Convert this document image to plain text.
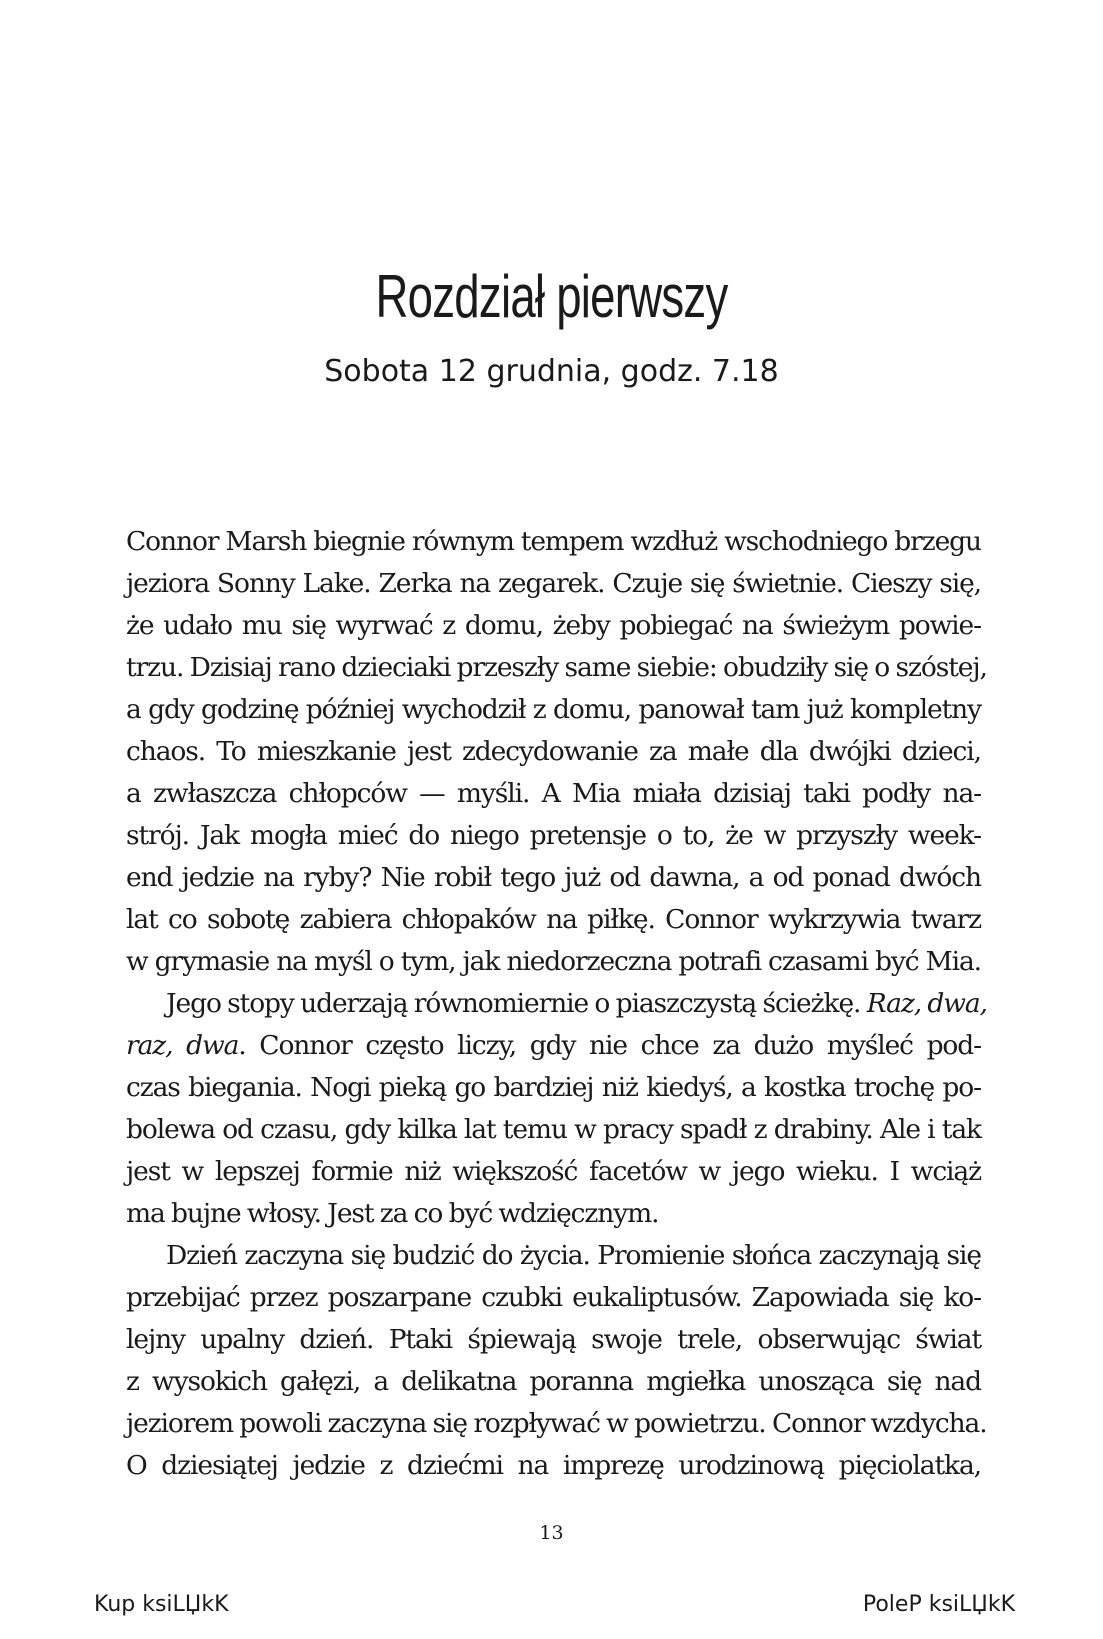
Rozdział pierwszy
Sobota 12 grudnia, godz. 7.18
Connor Marsh biegnie równym tempem wzdłuż wschodniego brzegu
jeziora Sonny Lake. Zerka na zegarek. Czuje się świetnie. Cieszy się,
że udało mu się wyrwać z domu, żeby pobiegać na świeżym powie-
trzu. Dzisiaj rano dzieciaki przeszły same siebie: obudziły się o szóstej,
a gdy godzinę później wychodził z domu, panował tam już kompletny
chaos. To mieszkanie jest zdecydowanie za małe dla dwójki dzieci,
a zwłaszcza chłopców — myśli. A Mia miała dzisiaj taki podły na-
strój. Jak mogła mieć do niego pretensje o to, że w przyszły week-
end jedzie na ryby? Nie robił tego już od dawna, a od ponad dwóch
lat co sobotę zabiera chłopaków na piłkę. Connor wykrzywia twarz
w grymasie na myśl o tym, jak niedorzeczna potrafi czasami być Mia.
Jego stopy uderzają równomiernie o piaszczystą ścieżkę. Raz, dwa,
raz, dwa. Connor często liczy, gdy nie chce za dużo myśleć pod-
czas biegania. Nogi pieką go bardziej niż kiedyś, a kostka trochę po-
bolewa od czasu, gdy kilka lat temu w pracy spadł z drabiny. Ale i tak
jest w lepszej formie niż większość facetów w jego wieku. I wciąż
ma bujne włosy. Jest za co być wdzięcznym.
Dzień zaczyna się budzić do życia. Promienie słońca zaczynają się
przebijać przez poszarpane czubki eukaliptusów. Zapowiada się ko-
lejny upalny dzień. Ptaki śpiewają swoje trele, obserwując świat
z wysokich gałęzi, a delikatna poranna mgiełka unosząca się nad
jeziorem powoli zaczyna się rozpływać w powietrzu. Connor wzdycha.
O dziesiątej jedzie z dziećmi na imprezę urodzinową pięciolatka,
13
Kup ksiLЏkK	PoleP ksiLЏkK
